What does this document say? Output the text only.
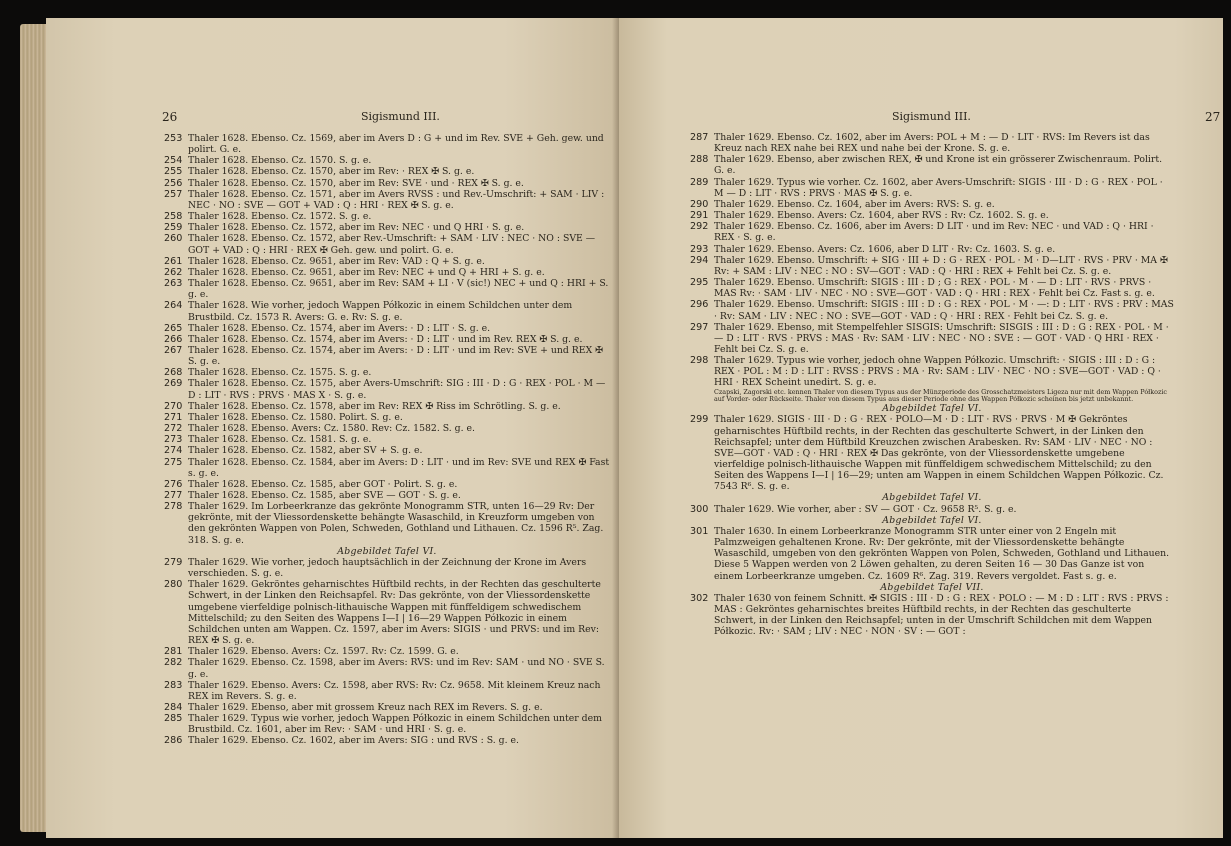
26	Sigismund III.
253 Thaler 1628. Ebenso. Cz. 1569, aber im Avers D : G + und im Rev. SVE + Geh. gew. und polirt. G. e.
254 Thaler 1628. Ebenso. Cz. 1570. S. g. e.
255 Thaler 1628. Ebenso. Cz. 1570, aber im Rev: · REX ✠ S. g. e.
256 Thaler 1628. Ebenso. Cz. 1570, aber im Rev: SVE · und · REX ✠ S. g. e.
257 Thaler 1628. Ebenso. Cz. 1571, aber im Avers RVSS : und Rev.-Umschrift: + SAM · LIV : NEC · NO : SVE — GOT + VAD : Q : HRI · REX ✠ S. g. e.
258 Thaler 1628. Ebenso. Cz. 1572. S. g. e.
259 Thaler 1628. Ebenso. Cz. 1572, aber im Rev: NEC · und Q HRI · S. g. e.
260 Thaler 1628. Ebenso. Cz. 1572, aber Rev.-Umschrift: + SAM · LIV : NEC · NO : SVE — GOT + VAD : Q : HRI · REX ✠ Geh. gew. und polirt. G. e.
261 Thaler 1628. Ebenso. Cz. 9651, aber im Rev: VAD : Q + S. g. e.
262 Thaler 1628. Ebenso. Cz. 9651, aber im Rev: NEC + und Q + HRI + S. g. e.
263 Thaler 1628. Ebenso. Cz. 9651, aber im Rev: SAM + LI · V (sic!) NEC + und Q : HRI + S. g. e.
264 Thaler 1628. Wie vorher, jedoch Wappen Półkozic in einem Schildchen unter dem Brustbild. Cz. 1573 R. Avers: G. e. Rv: S. g. e.
265 Thaler 1628. Ebenso. Cz. 1574, aber im Avers: · D : LIT · S. g. e.
266 Thaler 1628. Ebenso. Cz. 1574, aber im Avers: · D : LIT · und im Rev. REX ✠ S. g. e.
267 Thaler 1628. Ebenso. Cz. 1574, aber im Avers: · D : LIT · und im Rev: SVE + und REX ✠ S. g. e.
268 Thaler 1628. Ebenso. Cz. 1575. S. g. e.
269 Thaler 1628. Ebenso. Cz. 1575, aber Avers-Umschrift: SIG : III · D : G · REX · POL · M — D : LIT · RVS : PRVS · MAS X · S. g. e.
270 Thaler 1628. Ebenso. Cz. 1578, aber im Rev: REX ✠ Riss im Schrötling. S. g. e.
271 Thaler 1628. Ebenso. Cz. 1580. Polirt. S. g. e.
272 Thaler 1628. Ebenso. Avers: Cz. 1580. Rev: Cz. 1582. S. g. e.
273 Thaler 1628. Ebenso. Cz. 1581. S. g. e.
274 Thaler 1628. Ebenso. Cz. 1582, aber SV + S. g. e.
275 Thaler 1628. Ebenso. Cz. 1584, aber im Avers: D : LIT · und im Rev: SVE und REX ✠ Fast s. g. e.
276 Thaler 1628. Ebenso. Cz. 1585, aber GOT · Polirt. S. g. e.
277 Thaler 1628. Ebenso. Cz. 1585, aber SVE — GOT · S. g. e.
278 Thaler 1629. Im Lorbeerkranze das gekrönte Monogramm STR, unten 16—29 Rv: Der gekrönte, mit der Vliessordenskette behängte Wasaschild, in Kreuzform umgeben von den gekrönten Wappen von Polen, Schweden, Gothland und Lithauen. Cz. 1596 R⁵. Zag. 318. S. g. e.
Abgebildet Tafel VI.
279 Thaler 1629. Wie vorher, jedoch hauptsächlich in der Zeichnung der Krone im Avers verschieden. S. g. e.
280 Thaler 1629. Gekröntes geharnischtes Hüftbild rechts, in der Rechten das geschulterte Schwert, in der Linken den Reichsapfel. Rv: Das gekrönte, von der Vliessordenskette umgebene vierfeldige polnisch-lithauische Wappen mit fünffeldigem schwedischem Mittelschild; zu den Seiten des Wappens I—I | 16—29 Wappen Półkozic in einem Schildchen unten am Wappen. Cz. 1597, aber im Avers: SIGIS · und PRVS: und im Rev: REX ✠ S. g. e.
281 Thaler 1629. Ebenso. Avers: Cz. 1597. Rv: Cz. 1599. G. e.
282 Thaler 1629. Ebenso. Cz. 1598, aber im Avers: RVS: und im Rev: SAM · und NO · SVE S. g. e.
283 Thaler 1629. Ebenso. Avers: Cz. 1598, aber RVS: Rv: Cz. 9658. Mit kleinem Kreuz nach REX im Revers. S. g. e.
284 Thaler 1629. Ebenso, aber mit grossem Kreuz nach REX im Revers. S. g. e.
285 Thaler 1629. Typus wie vorher, jedoch Wappen Półkozic in einem Schildchen unter dem Brustbild. Cz. 1601, aber im Rev: · SAM · und HRI · S. g. e.
286 Thaler 1629. Ebenso. Cz. 1602, aber im Avers: SIG : und RVS : S. g. e.
Sigismund III.	27
287 Thaler 1629. Ebenso. Cz. 1602, aber im Avers: POL + M : — D · LIT · RVS: Im Revers ist das Kreuz nach REX nahe bei REX und nahe bei der Krone. S. g. e.
288 Thaler 1629. Ebenso, aber zwischen REX, ✠ und Krone ist ein grösserer Zwischenraum. Polirt. G. e.
289 Thaler 1629. Typus wie vorher. Cz. 1602, aber Avers-Umschrift: SIGIS · III · D : G · REX · POL · M — D : LIT · RVS : PRVS · MAS ✠ S. g. e.
290 Thaler 1629. Ebenso. Cz. 1604, aber im Avers: RVS: S. g. e.
291 Thaler 1629. Ebenso. Avers: Cz. 1604, aber RVS : Rv: Cz. 1602. S. g. e.
292 Thaler 1629. Ebenso. Cz. 1606, aber im Avers: D LIT · und im Rev: NEC · und VAD : Q · HRI · REX · S. g. e.
293 Thaler 1629. Ebenso. Avers: Cz. 1606, aber D LIT · Rv: Cz. 1603. S. g. e.
294 Thaler 1629. Ebenso. Umschrift: + SIG · III + D : G · REX · POL · M · D—LIT · RVS · PRV · MA ✠ Rv: + SAM : LIV : NEC : NO : SV—GOT : VAD : Q · HRI : REX + Fehlt bei Cz. S. g. e.
295 Thaler 1629. Ebenso. Umschrift: SIGIS : III : D ; G : REX · POL · M · — D : LIT · RVS · PRVS · MAS Rv: · SAM · LIV · NEC · NO : SVE—GOT · VAD : Q · HRI : REX · Fehlt bei Cz. Fast s. g. e.
296 Thaler 1629. Ebenso. Umschrift: SIGIS : III : D : G : REX · POL · M · —: D : LIT · RVS : PRV : MAS · Rv: SAM · LIV : NEC : NO : SVE—GOT · VAD : Q · HRI : REX · Fehlt bei Cz. S. g. e.
297 Thaler 1629. Ebenso, mit Stempelfehler SISGIS: Umschrift: SISGIS : III : D : G : REX · POL · M · — D : LIT · RVS · PRVS : MAS · Rv: SAM · LIV : NEC · NO : SVE : — GOT · VAD · Q HRI · REX · Fehlt bei Cz. S. g. e.
298 Thaler 1629. Typus wie vorher, jedoch ohne Wappen Półkozic. Umschrift: · SIGIS : III : D : G : REX · POL : M : D : LIT : RVSS : PRVS : MA · Rv: SAM : LIV · NEC · NO : SVE—GOT · VAD : Q · HRI · REX Scheint unedirt. S. g. e.
Czapski, Zagorski etc. kennen Thaler von diesem Typus aus der Münzperiode des Grosschatzmeisters Ligeza nur mit dem Wappen Półkozic auf Vorder- oder Rückseite. Thaler von diesem Typus aus dieser Periode ohne das Wappen Półkozic scheinen bis jetzt unbekannt.
Abgebildet Tafel VI.
299 Thaler 1629. SIGIS · III · D : G · REX · POLO—M · D : LIT · RVS · PRVS · M ✠ Gekröntes geharnischtes Hüftbild rechts, in der Rechten das geschulterte Schwert, in der Linken den Reichsapfel; unter dem Hüftbild Kreuzchen zwischen Arabesken. Rv: SAM · LIV · NEC · NO : SVE—GOT · VAD : Q · HRI · REX ✠ Das gekrönte, von der Vliessordenskette umgebene vierfeldige polnisch-lithauische Wappen mit fünffeldigem schwedischem Mittelschild; zu den Seiten des Wappens I—I | 16—29; unten am Wappen in einem Schildchen Wappen Półkozic. Cz. 7543 R⁶. S. g. e.
Abgebildet Tafel VI.
300 Thaler 1629. Wie vorher, aber : SV — GOT · Cz. 9658 R⁵. S. g. e.
Abgebildet Tafel VI.
301 Thaler 1630. In einem Lorbeerkranze Monogramm STR unter einer von 2 Engeln mit Palmzweigen gehaltenen Krone. Rv: Der gekrönte, mit der Vliessordenskette behängte Wasaschild, umgeben von den gekrönten Wappen von Polen, Schweden, Gothland und Lithauen. Diese 5 Wappen werden von 2 Löwen gehalten, zu deren Seiten 16 — 30 Das Ganze ist von einem Lorbeerkranze umgeben. Cz. 1609 R⁶. Zag. 319. Revers vergoldet. Fast s. g. e.
Abgebildet Tafel VII.
302 Thaler 1630 von feinem Schnitt. ✠ SIGIS : III · D : G : REX · POLO : — M : D : LIT : RVS : PRVS : MAS : Gekröntes geharnischtes breites Hüftbild rechts, in der Rechten das geschulterte Schwert, in der Linken den Reichsapfel; unten in der Umschrift Schildchen mit dem Wappen Półkozic. Rv: · SAM ; LIV : NEC · NON · SV : — GOT :
